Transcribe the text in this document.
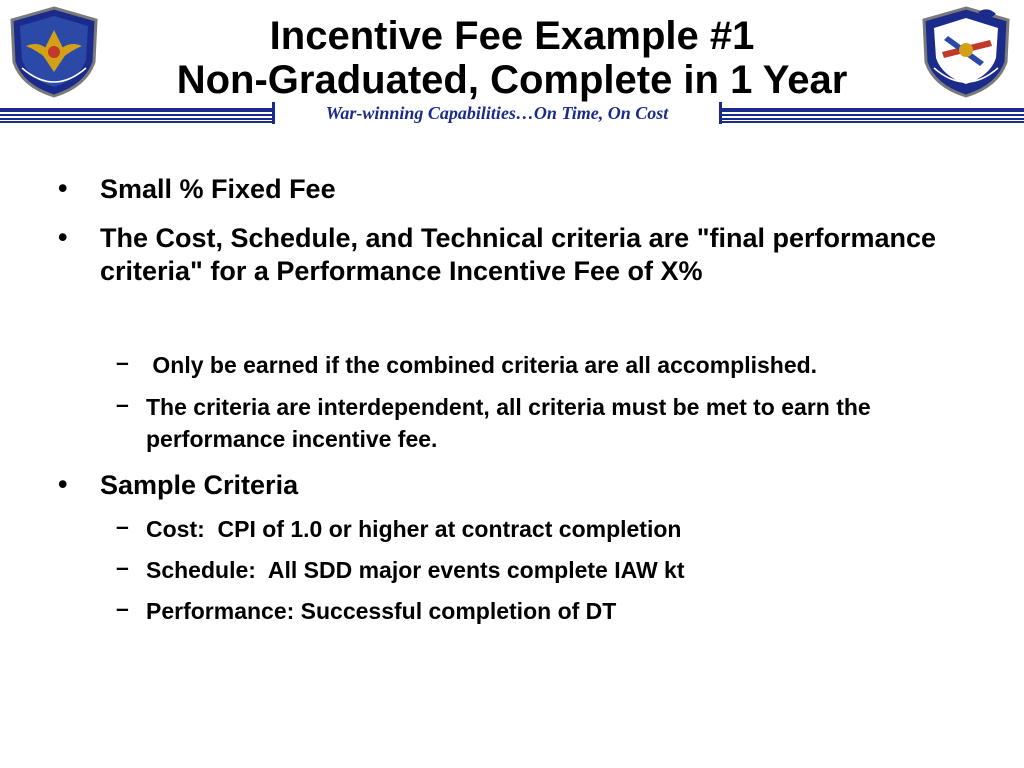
Incentive Fee Example #1
Non-Graduated, Complete in 1 Year
War-winning Capabilities…On Time, On Cost
• Small % Fixed Fee

• The Cost, Schedule, and Technical criteria are "final performance criteria" for a Performance Incentive Fee of X%

– Only be earned if the combined criteria are all accomplished.

– The criteria are interdependent, all criteria must be met to earn the performance incentive fee.

• Sample Criteria

– Cost:  CPI of 1.0 or higher at contract completion

– Schedule:  All SDD major events complete IAW kt

– Performance: Successful completion of DT
